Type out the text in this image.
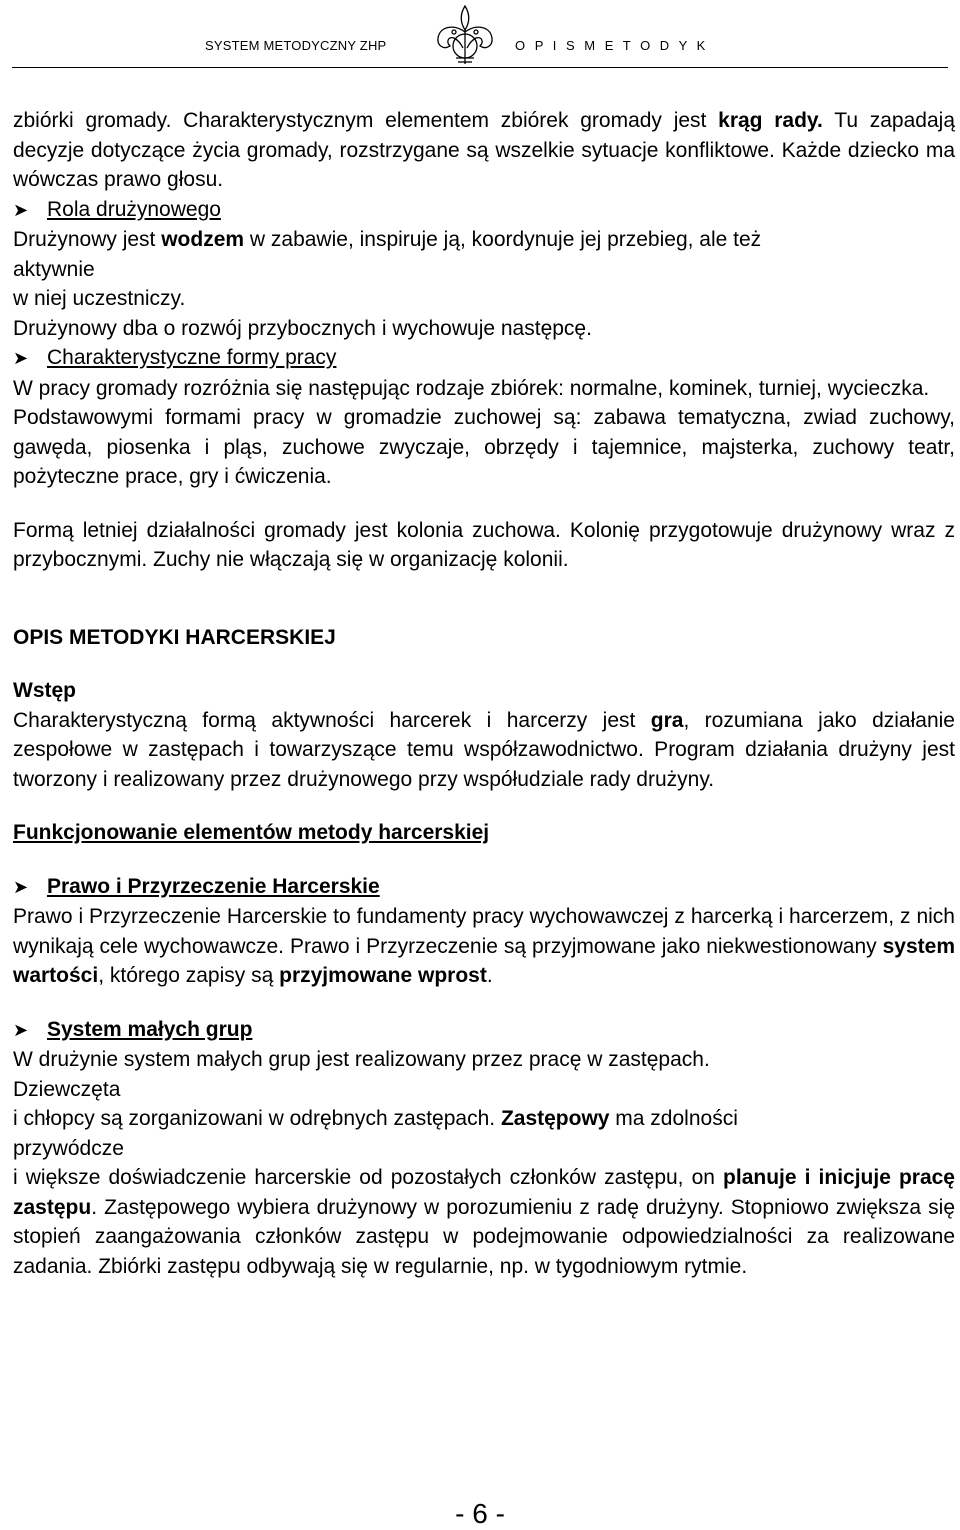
SYSTEM METODYCZNY ZHP	O P I S M E T O D Y K

zbiórki gromady. Charakterystycznym elementem zbiórek gromady jest krąg rady. Tu zapadają decyzje dotyczące życia gromady, rozstrzygane są wszelkie sytuacje konfliktowe. Każde dziecko ma wówczas prawo głosu.

➤ Rola drużynowego

Drużynowy jest wodzem w zabawie, inspiruje ją, koordynuje jej przebieg, ale też

aktywnie

w niej uczestniczy.

Drużynowy dba o rozwój przybocznych i wychowuje następcę.

➤ Charakterystyczne formy pracy

W pracy gromady rozróżnia się następując rodzaje zbiórek: normalne, kominek, turniej, wycieczka.

Podstawowymi formami pracy w gromadzie zuchowej są: zabawa tematyczna, zwiad zuchowy, gawęda, piosenka i pląs, zuchowe zwyczaje, obrzędy i tajemnice, majsterka, zuchowy teatr, pożyteczne prace, gry i ćwiczenia.

Formą letniej działalności gromady jest kolonia zuchowa. Kolonię przygotowuje drużynowy wraz z przybocznymi. Zuchy nie włączają się w organizację kolonii.

OPIS METODYKI HARCERSKIEJ

Wstęp

Charakterystyczną formą aktywności harcerek i harcerzy jest gra, rozumiana jako działanie zespołowe w zastępach i towarzyszące temu współzawodnictwo. Program działania drużyny jest tworzony i realizowany przez drużynowego przy współudziale rady drużyny.

Funkcjonowanie elementów metody harcerskiej

➤ Prawo i Przyrzeczenie Harcerskie

Prawo i Przyrzeczenie Harcerskie to fundamenty pracy wychowawczej z harcerką i harcerzem, z nich wynikają cele wychowawcze. Prawo i Przyrzeczenie są przyjmowane jako niekwestionowany system wartości, którego zapisy są przyjmowane wprost.

➤ System małych grup

W drużynie system małych grup jest realizowany przez pracę w zastępach.

Dziewczęta

i chłopcy są zorganizowani w odrębnych zastępach. Zastępowy ma zdolności

przywódcze

i większe doświadczenie harcerskie od pozostałych członków zastępu, on planuje i inicjuje pracę zastępu. Zastępowego wybiera drużynowy w porozumieniu z radę drużyny. Stopniowo zwiększa się stopień zaangażowania członków zastępu w podejmowanie odpowiedzialności za realizowane zadania. Zbiórki zastępu odbywają się w regularnie, np. w tygodniowym rytmie.

- 6 -
